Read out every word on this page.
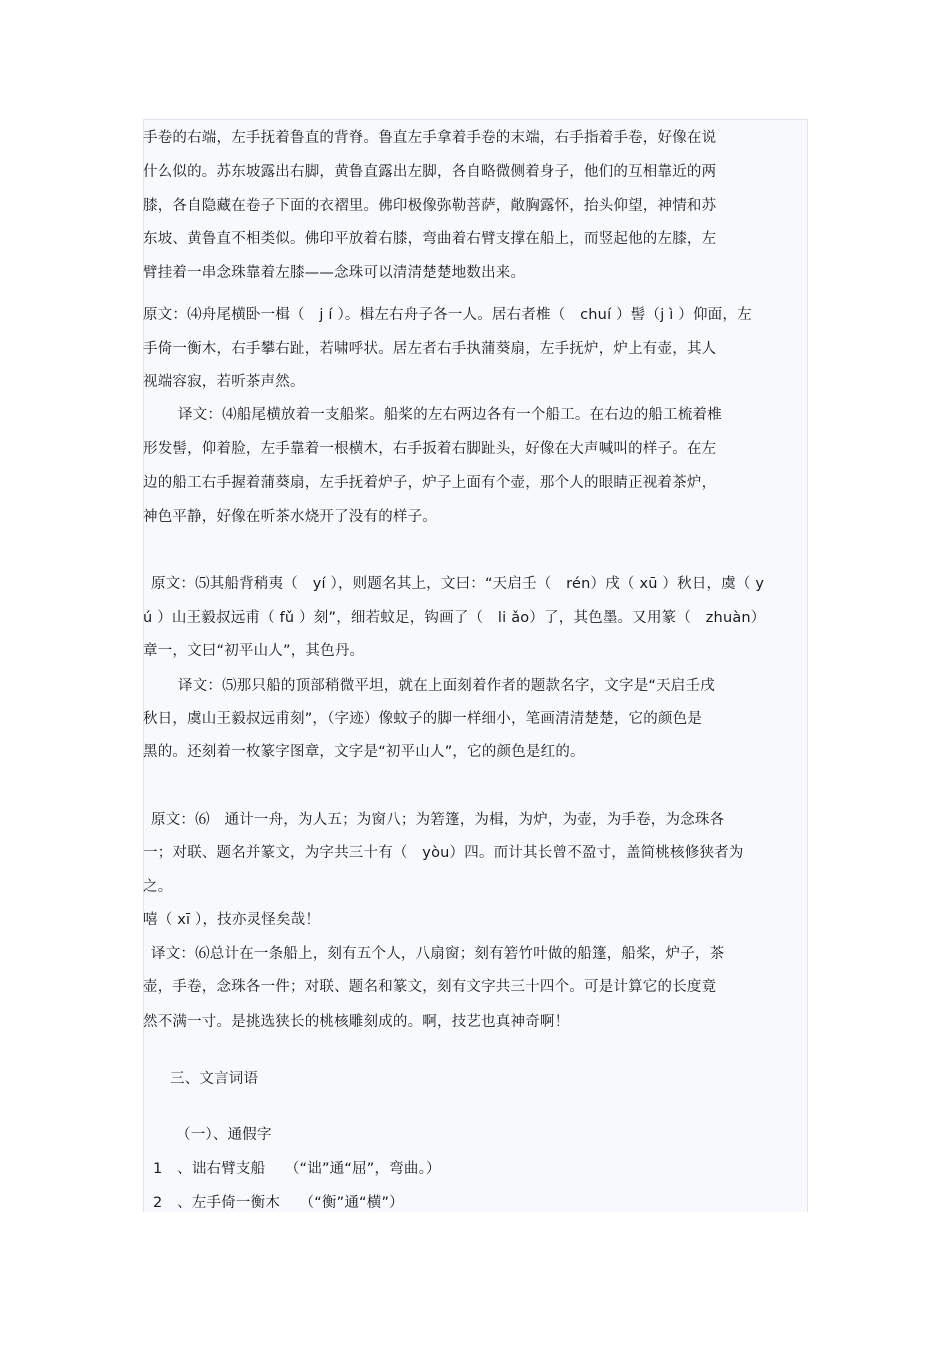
手卷的右端，左手抚着鲁直的背脊。鲁直左手拿着手卷的末端，右手指着手卷，好像在说
什么似的。苏东坡露出右脚，黄鲁直露出左脚，各自略微侧着身子，他们的互相靠近的两
膝，各自隐藏在卷子下面的衣褶里。佛印极像弥勒菩萨，敞胸露怀，抬头仰望，神情和苏
东坡、黄鲁直不相类似。佛印平放着右膝，弯曲着右臂支撑在船上，而竖起他的左膝，左
臂挂着一串念珠靠着左膝——念珠可以清清楚楚地数出来。
原文：⑷舟尾横卧一楫（　j í ）。楫左右舟子各一人。居右者椎（　chuí ）髻（j ì ）仰面，左
手倚一衡木，右手攀右趾，若啸呼状。居左者右手执蒲葵扇，左手抚炉，炉上有壶，其人
视端容寂，若听茶声然。
译文：⑷船尾横放着一支船桨。船桨的左右两边各有一个船工。在右边的船工梳着椎
形发髻，仰着脸，左手靠着一根横木，右手扳着右脚趾头，好像在大声喊叫的样子。在左
边的船工右手握着蒲葵扇，左手抚着炉子，炉子上面有个壶，那个人的眼睛正视着茶炉，
神色平静，好像在听茶水烧开了没有的样子。
原文：⑸其船背稍夷（　yí ），则题名其上，文曰：“天启壬（　rén）戌（ xū ）秋日，虞（ y
ú ）山王毅叔远甫（ fǔ ）刻”，细若蚊足，钩画了（　li ǎo）了，其色墨。又用篆（　zhuàn）
章一，文曰“初平山人”，其色丹。
译文：⑸那只船的顶部稍微平坦，就在上面刻着作者的题款名字，文字是“天启壬戌
秋日，虞山王毅叔远甫刻”，（字迹）像蚊子的脚一样细小，笔画清清楚楚，它的颜色是
黑的。还刻着一枚篆字图章，文字是“初平山人”，它的颜色是红的。
原文：⑹　通计一舟，为人五；为窗八；为箬篷，为楫，为炉，为壶，为手卷，为念珠各
一；对联、题名并篆文，为字共三十有（　yòu）四。而计其长曾不盈寸，盖简桃核修狭者为
之。
嘻（ xī ），技亦灵怪矣哉！
译文：⑹总计在一条船上，刻有五个人，八扇窗；刻有箬竹叶做的船篷，船桨，炉子，茶
壶，手卷，念珠各一件；对联、题名和篆文，刻有文字共三十四个。可是计算它的长度竟
然不满一寸。是挑选狭长的桃核雕刻成的。啊，技艺也真神奇啊！
三、文言词语
（一）、通假字
1　、诎右臂支船　 （“诎”通“屈”，弯曲。）
2　、左手倚一衡木　 （“衡”通“横”）
